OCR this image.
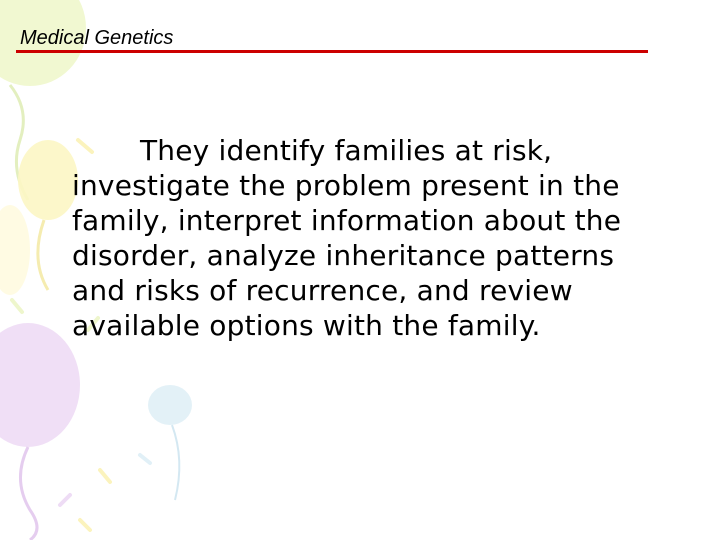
Medical Genetics
They identify families at risk, investigate the problem present in the family, interpret information about the disorder, analyze inheritance patterns and risks of recurrence, and review available options with the family.
